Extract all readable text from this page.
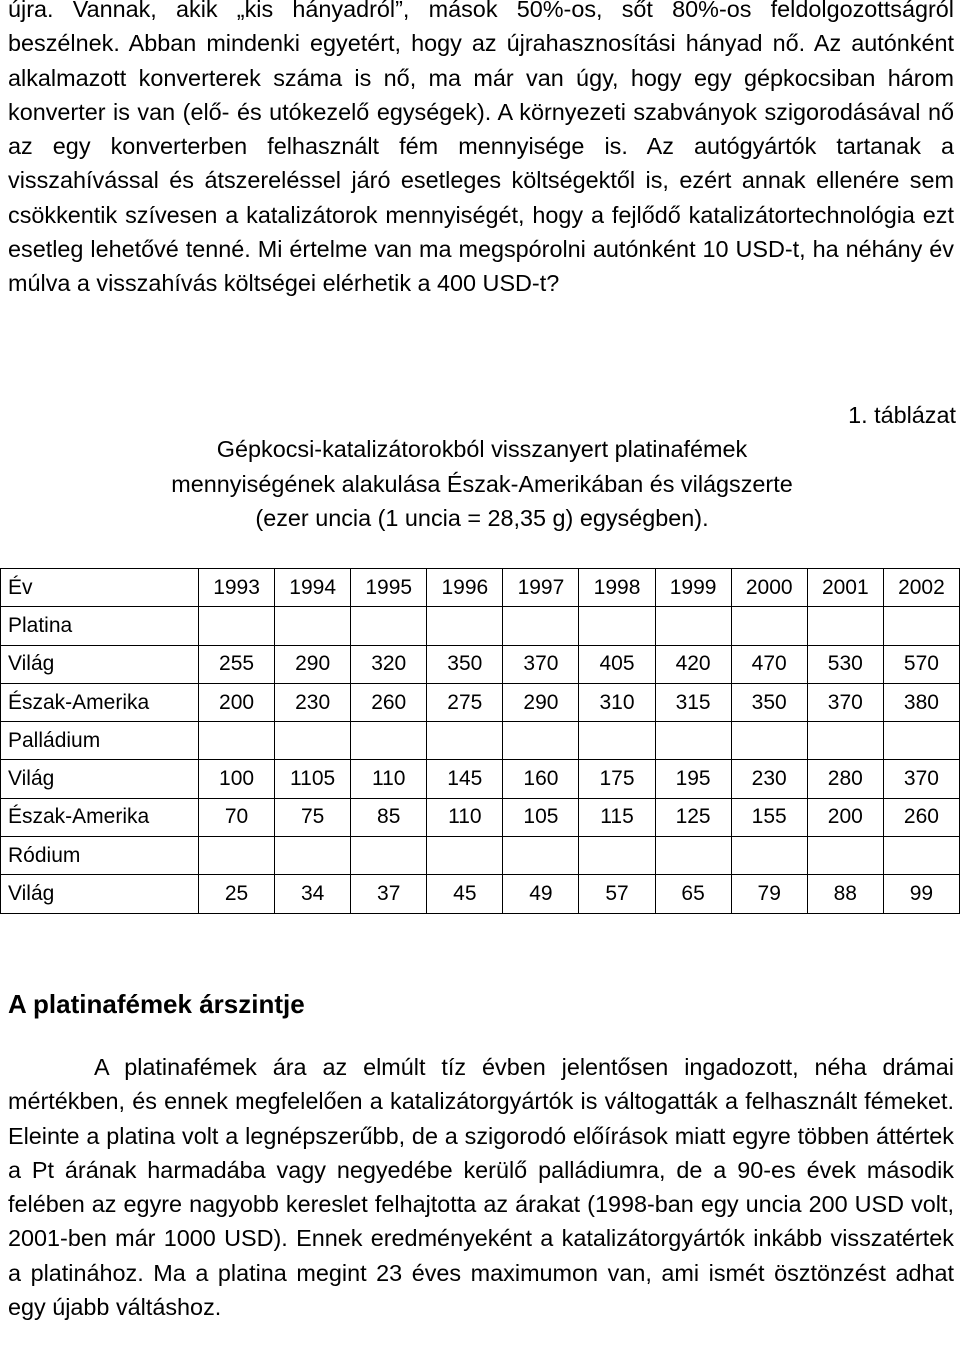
újra. Vannak, akik „kis hányadról”, mások 50%-os, sőt 80%-os feldolgozottságról beszélnek. Abban mindenki egyetért, hogy az újrahasznosítási hányad nő. Az autónként alkalmazott konverterek száma is nő, ma már van úgy, hogy egy gépkocsiban három konverter is van (elő- és utókezelő egységek). A környezeti szabványok szigorodásával nő az egy konverterben felhasznált fém mennyisége is. Az autógyártók tartanak a visszahívással és átszereléssel járó esetleges költségektől is, ezért annak ellenére sem csökkentik szívesen a katalizátorok mennyiségét, hogy a fejlődő katalizátortechnológia ezt esetleg lehetővé tenné. Mi értelme van ma megspórolni autónként 10 USD-t, ha néhány év múlva a visszahívás költségei elérhetik a 400 USD-t?

1. táblázat

Gépkocsi-katalizátorokból visszanyert platinafémek
mennyiségének alakulása Észak-Amerikában és világszerte
(ezer uncia (1 uncia = 28,35 g) egységben).

Év	1993	1994	1995	1996	1997	1998	1999	2000	2001	2002
Platina										
Világ	255	290	320	350	370	405	420	470	530	570
Észak-Amerika	200	230	260	275	290	310	315	350	370	380
Palládium										
Világ	100	1105	110	145	160	175	195	230	280	370
Észak-Amerika	70	75	85	110	105	115	125	155	200	260
Ródium										
Világ	25	34	37	45	49	57	65	79	88	99
A platinafémek árszintje

A platinafémek ára az elmúlt tíz évben jelentősen ingadozott, néha drámai mértékben, és ennek megfelelően a katalizátorgyártók is váltogatták a felhasznált fémeket. Eleinte a platina volt a legnépszerűbb, de a szigorodó előírások miatt egyre többen áttértek a Pt árának harmadába vagy negyedébe kerülő palládiumra, de a 90-es évek második felében az egyre nagyobb kereslet felhajtotta az árakat (1998-ban egy uncia 200 USD volt, 2001-ben már 1000 USD). Ennek eredményeként a katalizátorgyártók inkább visszatértek a platinához. Ma a platina megint 23 éves maximumon van, ami ismét ösztönzést adhat egy újabb váltáshoz.
